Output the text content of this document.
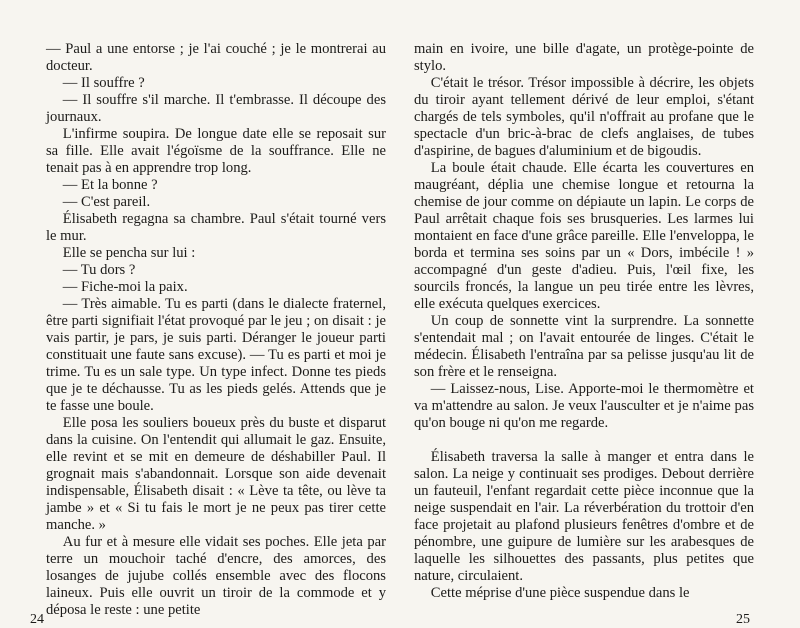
— Paul a une entorse ; je l'ai couché ; je le montrerai au docteur.

— Il souffre ?

— Il souffre s'il marche. Il t'embrasse. Il découpe des journaux.

L'infirme soupira. De longue date elle se reposait sur sa fille. Elle avait l'égoïsme de la souffrance. Elle ne tenait pas à en apprendre trop long.

— Et la bonne ?

— C'est pareil.

Élisabeth regagna sa chambre. Paul s'était tourné vers le mur.

Elle se pencha sur lui :

— Tu dors ?

— Fiche-moi la paix.

— Très aimable. Tu es parti (dans le dialecte fraternel, être parti signifiait l'état provoqué par le jeu ; on disait : je vais partir, je pars, je suis parti. Déranger le joueur parti constituait une faute sans excuse). — Tu es parti et moi je trime. Tu es un sale type. Un type infect. Donne tes pieds que je te déchausse. Tu as les pieds gelés. Attends que je te fasse une boule.

Elle posa les souliers boueux près du buste et disparut dans la cuisine. On l'entendit qui allumait le gaz. Ensuite, elle revint et se mit en demeure de déshabiller Paul. Il grognait mais s'abandonnait. Lorsque son aide devenait indispensable, Élisabeth disait : « Lève ta tête, ou lève ta jambe » et « Si tu fais le mort je ne peux pas tirer cette manche. »

Au fur et à mesure elle vidait ses poches. Elle jeta par terre un mouchoir taché d'encre, des amorces, des losanges de jujube collés ensemble avec des flocons laineux. Puis elle ouvrit un tiroir de la commode et y déposa le reste : une petite

main en ivoire, une bille d'agate, un protège-pointe de stylo.

C'était le trésor. Trésor impossible à décrire, les objets du tiroir ayant tellement dérivé de leur emploi, s'étant chargés de tels symboles, qu'il n'offrait au profane que le spectacle d'un bric-à-brac de clefs anglaises, de tubes d'aspirine, de bagues d'aluminium et de bigoudis.

La boule était chaude. Elle écarta les couvertures en maugréant, déplia une chemise longue et retourna la chemise de jour comme on dépiaute un lapin. Le corps de Paul arrêtait chaque fois ses brusqueries. Les larmes lui montaient en face d'une grâce pareille. Elle l'enveloppa, le borda et termina ses soins par un « Dors, imbécile ! » accompagné d'un geste d'adieu. Puis, l'œil fixe, les sourcils froncés, la langue un peu tirée entre les lèvres, elle exécuta quelques exercices.

Un coup de sonnette vint la surprendre. La sonnette s'entendait mal ; on l'avait entourée de linges. C'était le médecin. Élisabeth l'entraîna par sa pelisse jusqu'au lit de son frère et le renseigna.

— Laissez-nous, Lise. Apporte-moi le thermomètre et va m'attendre au salon. Je veux l'ausculter et je n'aime pas qu'on bouge ni qu'on me regarde.

Élisabeth traversa la salle à manger et entra dans le salon. La neige y continuait ses prodiges. Debout derrière un fauteuil, l'enfant regardait cette pièce inconnue que la neige suspendait en l'air. La réverbération du trottoir d'en face projetait au plafond plusieurs fenêtres d'ombre et de pénombre, une guipure de lumière sur les arabesques de laquelle les silhouettes des passants, plus petites que nature, circulaient.

Cette méprise d'une pièce suspendue dans le

24	25
